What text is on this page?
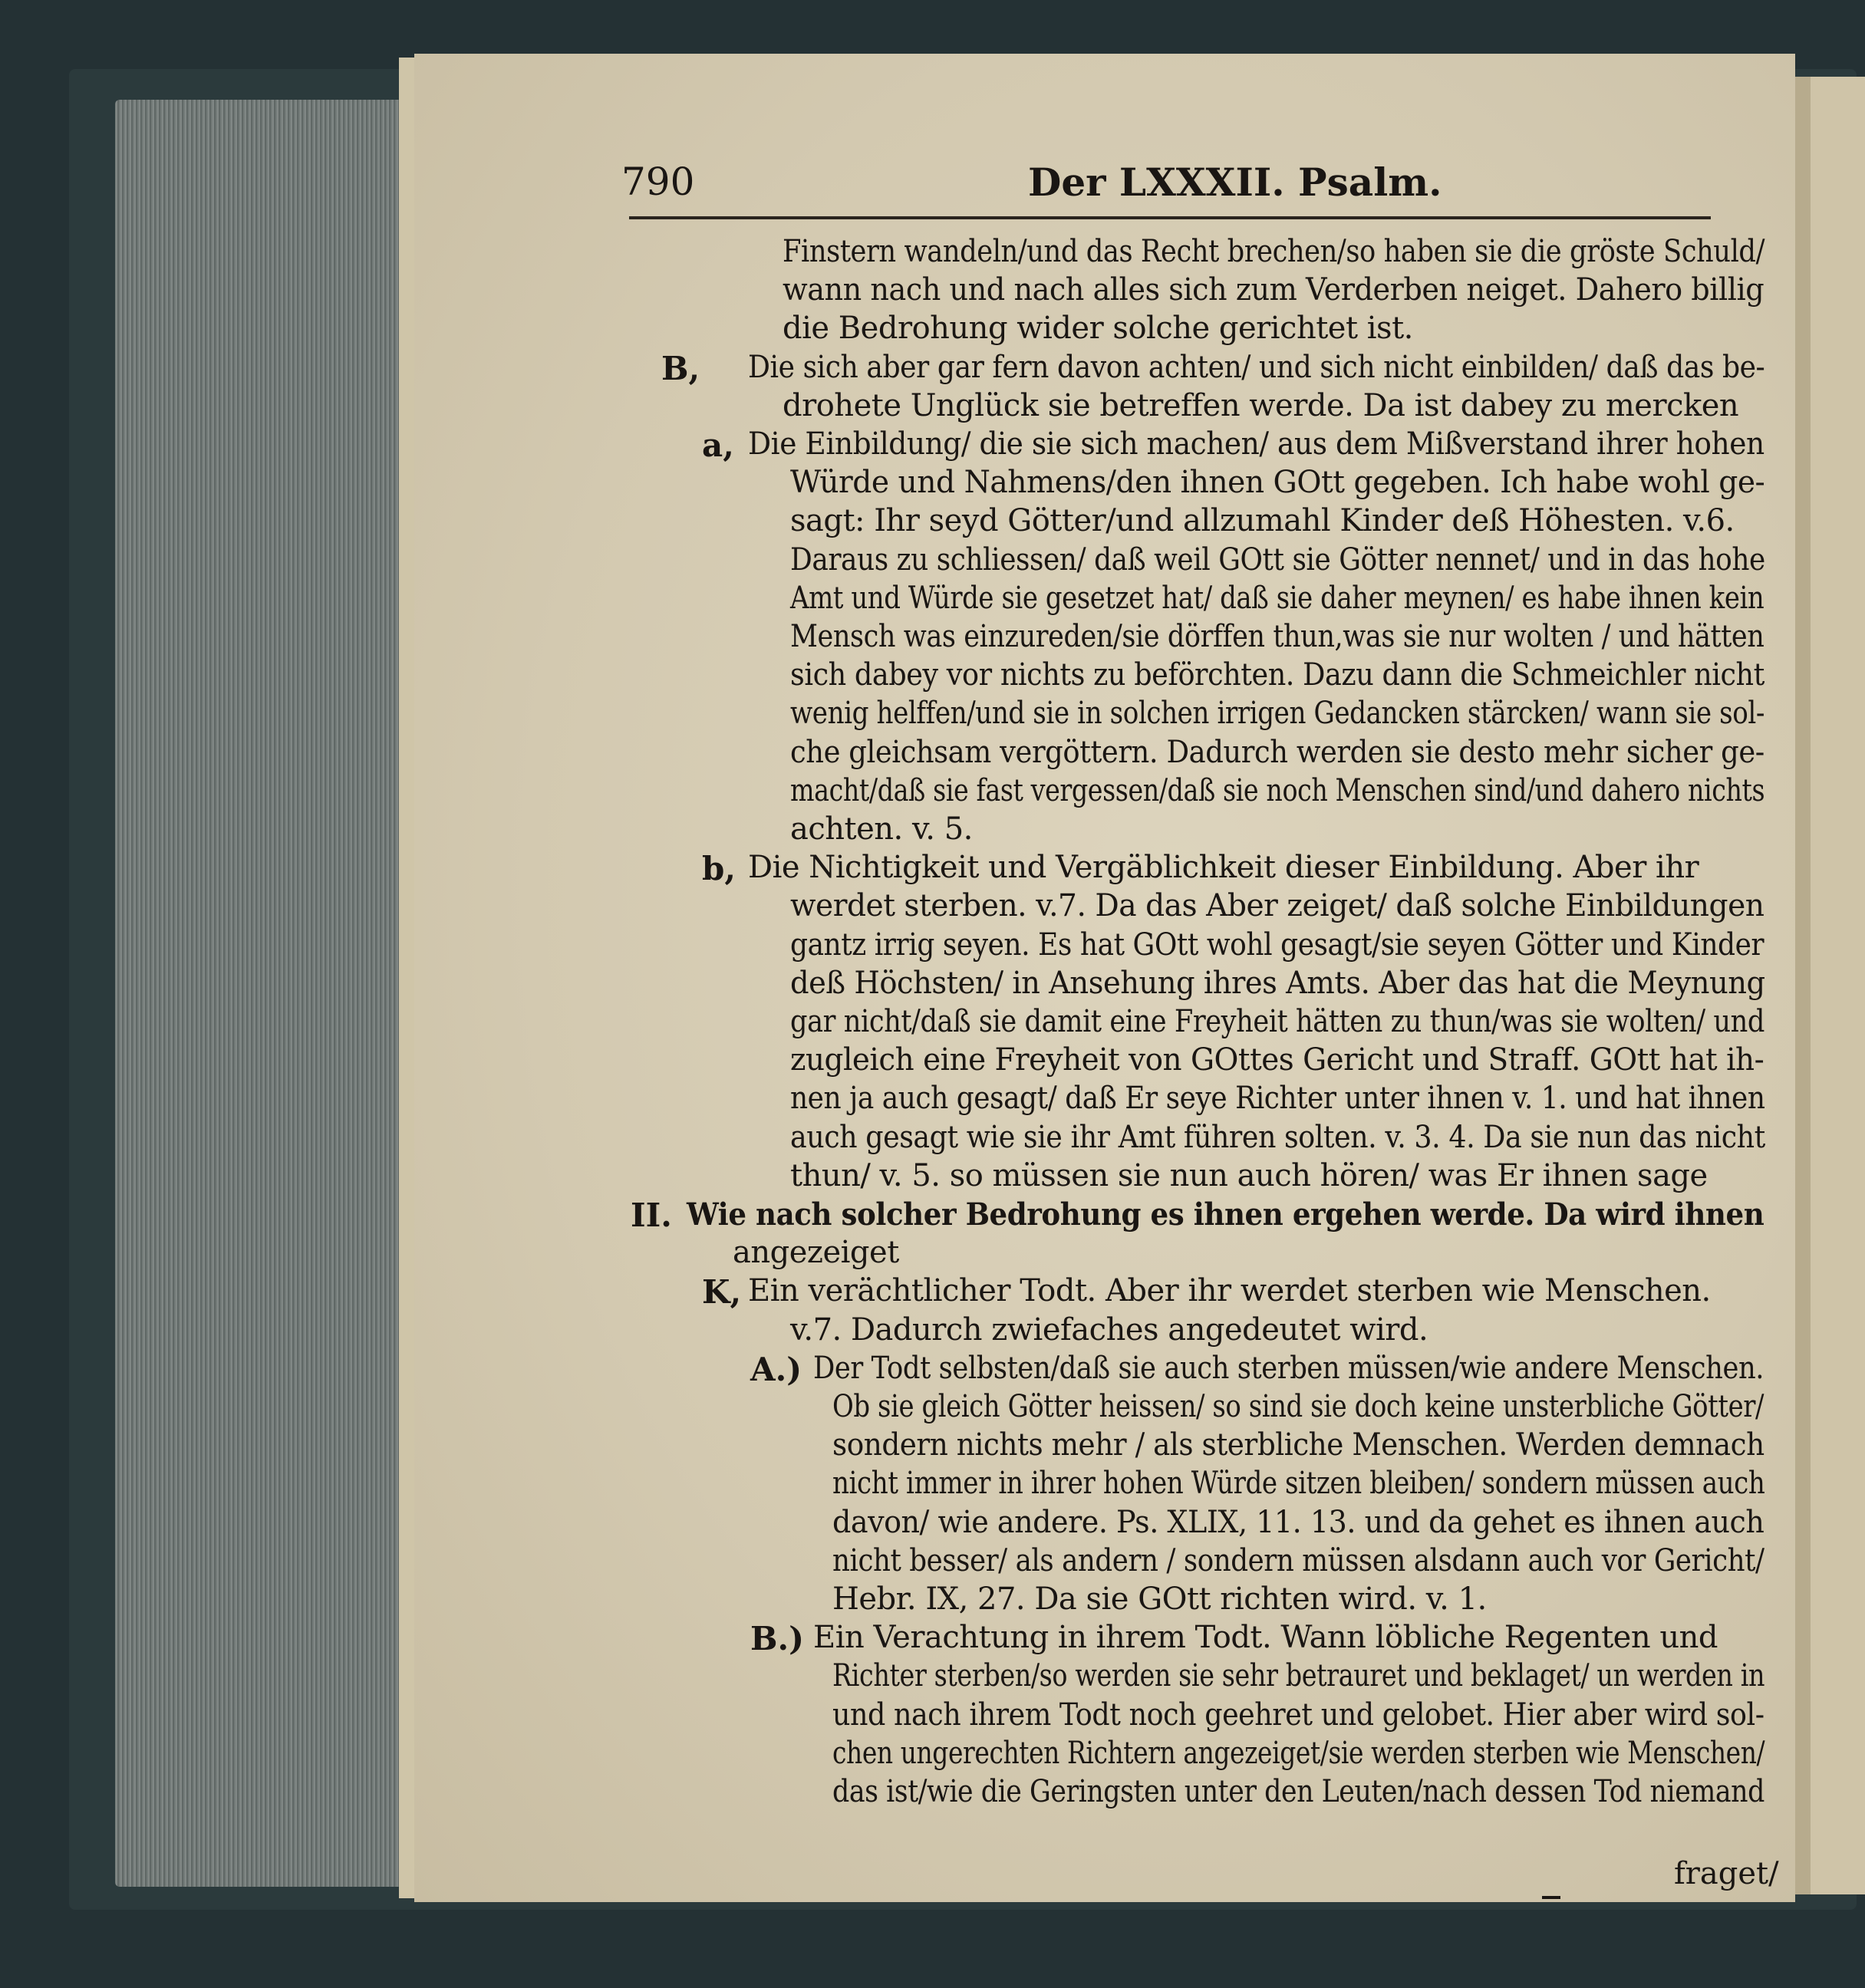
790	Der LXXXII. Psalm.
Finstern wandeln/und das Recht brechen/so haben sie die gröste Schuld/
wann nach und nach alles sich zum Verderben neiget. Dahero billig
die Bedrohung wider solche gerichtet ist.
B, Die sich aber gar fern davon achten/ und sich nicht einbilden/ daß das be-
drohete Unglück sie betreffen werde. Da ist dabey zu mercken
a, Die Einbildung/ die sie sich machen/ aus dem Mißverstand ihrer hohen
Würde und Nahmens/den ihnen GOtt gegeben. Ich habe wohl ge-
sagt: Ihr seyd Götter/und allzumahl Kinder deß Höhesten. v.6.
Daraus zu schliessen/ daß weil GOtt sie Götter nennet/ und in das hohe
Amt und Würde sie gesetzet hat/ daß sie daher meynen/ es habe ihnen kein
Mensch was einzureden/sie dörffen thun,was sie nur wolten / und hätten
sich dabey vor nichts zu beförchten. Dazu dann die Schmeichler nicht
wenig helffen/und sie in solchen irrigen Gedancken stärcken/ wann sie sol-
che gleichsam vergöttern. Dadurch werden sie desto mehr sicher ge-
macht/daß sie fast vergessen/daß sie noch Menschen sind/und dahero nichts
achten. v. 5.
b, Die Nichtigkeit und Vergäblichkeit dieser Einbildung. Aber ihr
werdet sterben. v.7. Da das Aber zeiget/ daß solche Einbildungen
gantz irrig seyen. Es hat GOtt wohl gesagt/sie seyen Götter und Kinder
deß Höchsten/ in Ansehung ihres Amts. Aber das hat die Meynung
gar nicht/daß sie damit eine Freyheit hätten zu thun/was sie wolten/ und
zugleich eine Freyheit von GOttes Gericht und Straff. GOtt hat ih-
nen ja auch gesagt/ daß Er seye Richter unter ihnen v. 1. und hat ihnen
auch gesagt wie sie ihr Amt führen solten. v. 3. 4. Da sie nun das nicht
thun/ v. 5. so müssen sie nun auch hören/ was Er ihnen sage
II. Wie nach solcher Bedrohung es ihnen ergehen werde. Da wird ihnen
angezeiget
K, Ein verächtlicher Todt. Aber ihr werdet sterben wie Menschen.
v.7. Dadurch zwiefaches angedeutet wird.
A.) Der Todt selbsten/daß sie auch sterben müssen/wie andere Menschen.
Ob sie gleich Götter heissen/ so sind sie doch keine unsterbliche Götter/
sondern nichts mehr / als sterbliche Menschen. Werden demnach
nicht immer in ihrer hohen Würde sitzen bleiben/ sondern müssen auch
davon/ wie andere. Ps. XLIX, 11. 13. und da gehet es ihnen auch
nicht besser/ als andern / sondern müssen alsdann auch vor Gericht/
Hebr. IX, 27. Da sie GOtt richten wird. v. 1.
B.) Ein Verachtung in ihrem Todt. Wann löbliche Regenten und
Richter sterben/so werden sie sehr betrauret und beklaget/ un werden in
und nach ihrem Todt noch geehret und gelobet. Hier aber wird sol-
chen ungerechten Richtern angezeiget/sie werden sterben wie Menschen/
das ist/wie die Geringsten unter den Leuten/nach dessen Tod niemand
fraget/
